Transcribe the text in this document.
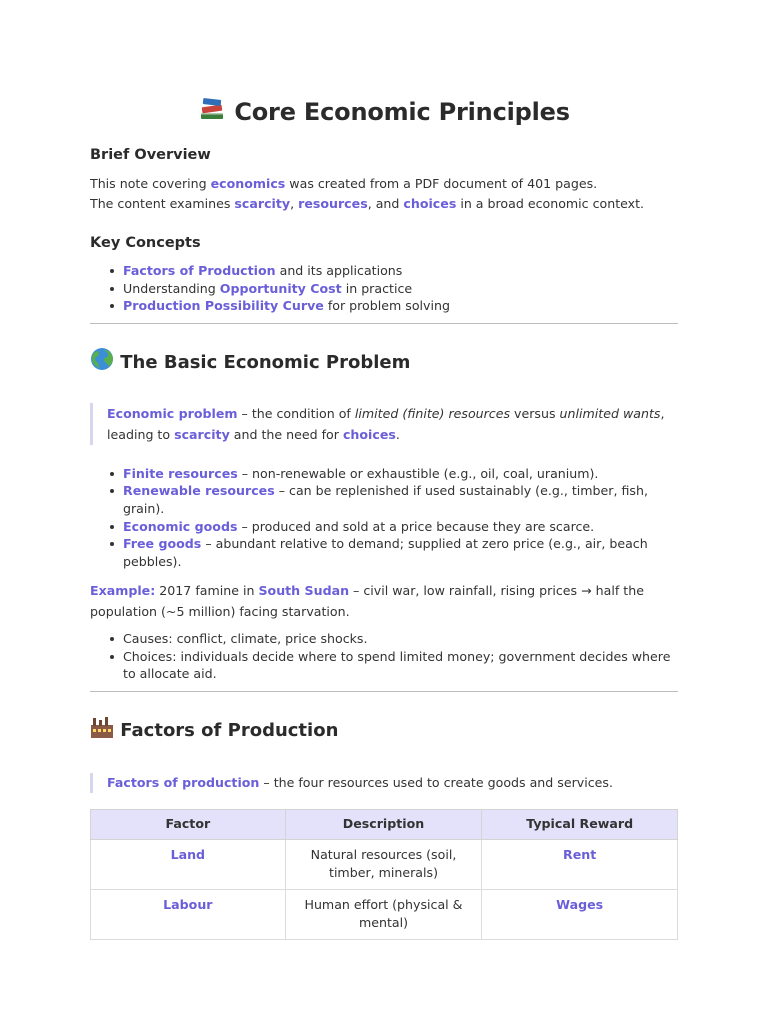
Core Economic Principles
Brief Overview

This note covering economics was created from a PDF document of 401 pages.
The content examines scarcity, resources, and choices in a broad economic context.

Key Concepts
Factors of Production and its applications
Understanding Opportunity Cost in practice
Production Possibility Curve for problem solving
The Basic Economic Problem
Economic problem – the condition of limited (finite) resources versus unlimited wants, leading to scarcity and the need for choices.
Finite resources – non-renewable or exhaustible (e.g., oil, coal, uranium).
Renewable resources – can be replenished if used sustainably (e.g., timber, fish, grain).
Economic goods – produced and sold at a price because they are scarce.
Free goods – abundant relative to demand; supplied at zero price (e.g., air, beach pebbles).

Example: 2017 famine in South Sudan – civil war, low rainfall, rising prices → half the population (~5 million) facing starvation.

Causes: conflict, climate, price shocks.
Choices: individuals decide where to spend limited money; government decides where to allocate aid.
Factors of Production
Factors of production – the four resources used to create goods and services.
Factor	Description	Typical Reward
Land	Natural resources (soil, timber, minerals)	Rent
Labour	Human effort (physical & mental)	Wages
